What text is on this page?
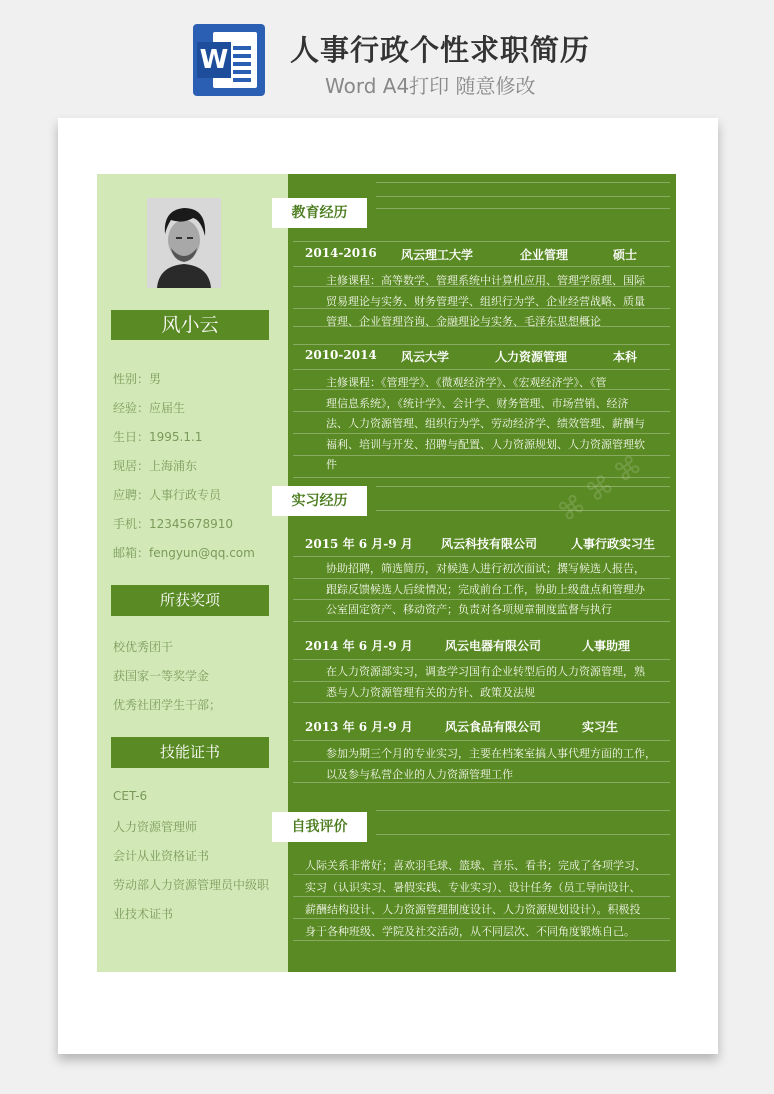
W 人事行政个性求职简历
Word A4打印 随意修改
风小云
性别：男
经验：应届生
生日：1995.1.1
现居：上海浦东
应聘：人事行政专员
手机：12345678910
邮箱：fengyun@qq.com
所获奖项
校优秀团干
获国家一等奖学金
优秀社团学生干部；
技能证书
CET-6
人力资源管理师
会计从业资格证书
劳动部人力资源管理员中级职
业技术证书
⌘ ⌘ ⌘
教育经历
2014-2016 风云理工大学	企业管理	硕士
主修课程：高等数学、管理系统中计算机应用、管理学原理、国际
贸易理论与实务、财务管理学、组织行为学、企业经营战略、质量
管理、企业管理咨询、金融理论与实务、毛泽东思想概论
2010-2014 风云大学	人力资源管理	本科
主修课程：《管理学》、《微观经济学》、《宏观经济学》、《管
理信息系统》，《统计学》、会计学、财务管理、市场营销、经济
法、人力资源管理、组织行为学、劳动经济学、绩效管理、薪酬与
福利、培训与开发、招聘与配置、人力资源规划、人力资源管理软
件
实习经历
2015 年 6 月-9 月 风云科技有限公司	人事行政实习生
协助招聘，筛选简历，对候选人进行初次面试；撰写候选人报告，
跟踪反馈候选人后续情况；完成前台工作，协助上级盘点和管理办
公室固定资产、移动资产；负责对各项规章制度监督与执行
2014 年 6 月-9 月	风云电器有限公司	人事助理
在人力资源部实习，调查学习国有企业转型后的人力资源管理，熟
悉与人力资源管理有关的方针、政策及法规
2013 年 6 月-9 月	风云食品有限公司	实习生
参加为期三个月的专业实习，主要在档案室搞人事代理方面的工作，
以及参与私营企业的人力资源管理工作
自我评价
人际关系非常好；喜欢羽毛球、篮球、音乐、看书；完成了各项学习、
实习（认识实习、暑假实践、专业实习）、设计任务（员工导向设计、
薪酬结构设计、人力资源管理制度设计、人力资源规划设计）。积极投
身于各种班级、学院及社交活动，从不同层次、不同角度锻炼自己。
